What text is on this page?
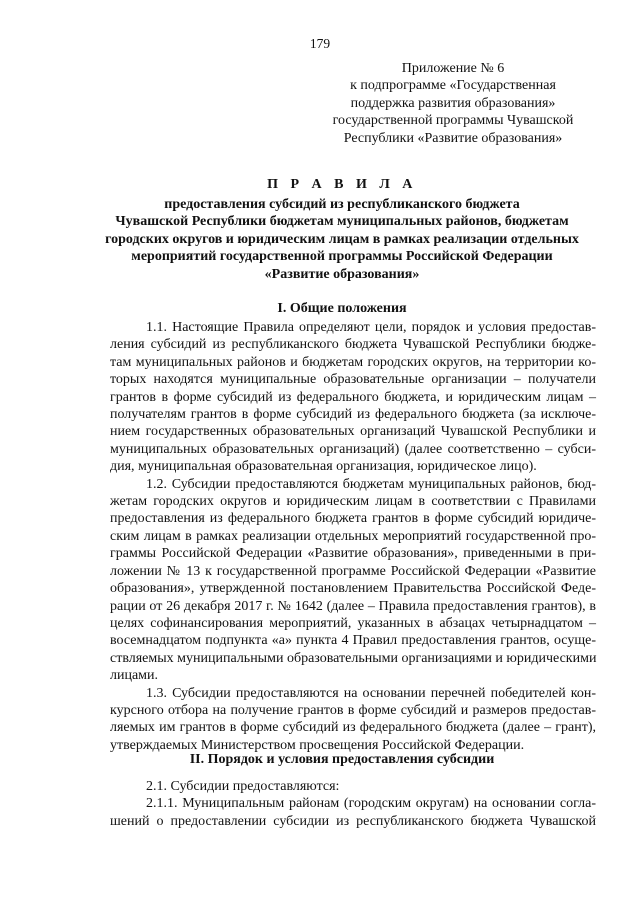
179
Приложение № 6
к подпрограмме «Государственная
поддержка развития образования»
государственной программы Чувашской
Республики «Развитие образования»
П Р А В И Л А
предоставления субсидий из республиканского бюджета
Чувашской Республики бюджетам муниципальных районов, бюджетам
городских округов и юридическим лицам в рамках реализации отдельных
мероприятий государственной программы Российской Федерации
«Развитие образования»
I. Общие положения
1.1. Настоящие Правила определяют цели, порядок и условия предостав-
ления субсидий из республиканского бюджета Чувашской Республики бюдже-
там муниципальных районов и бюджетам городских округов, на территории ко-
торых находятся муниципальные образовательные организации – получатели
грантов в форме субсидий из федерального бюджета, и юридическим лицам –
получателям грантов в форме субсидий из федерального бюджета (за исключе-
нием государственных образовательных организаций Чувашской Республики и
муниципальных образовательных организаций) (далее соответственно – субси-
дия, муниципальная образовательная организация, юридическое лицо).
1.2. Субсидии предоставляются бюджетам муниципальных районов, бюд-
жетам городских округов и юридическим лицам в соответствии с Правилами
предоставления из федерального бюджета грантов в форме субсидий юридиче-
ским лицам в рамках реализации отдельных мероприятий государственной про-
граммы Российской Федерации «Развитие образования», приведенными в при-
ложении № 13 к государственной программе Российской Федерации «Развитие
образования», утвержденной постановлением Правительства Российской Феде-
рации от 26 декабря 2017 г. № 1642 (далее – Правила предоставления грантов), в
целях софинансирования мероприятий, указанных в абзацах четырнадцатом –
восемнадцатом подпункта «а» пункта 4 Правил предоставления грантов, осуще-
ствляемых муниципальными образовательными организациями и юридическими
лицами.
1.3. Субсидии предоставляются на основании перечней победителей кон-
курсного отбора на получение грантов в форме субсидий и размеров предостав-
ляемых им грантов в форме субсидий из федерального бюджета (далее – грант),
утверждаемых Министерством просвещения Российской Федерации.
II. Порядок и условия предоставления субсидии
2.1. Субсидии предоставляются:
2.1.1. Муниципальным районам (городским округам) на основании согла-
шений о предоставлении субсидии из республиканского бюджета Чувашской
